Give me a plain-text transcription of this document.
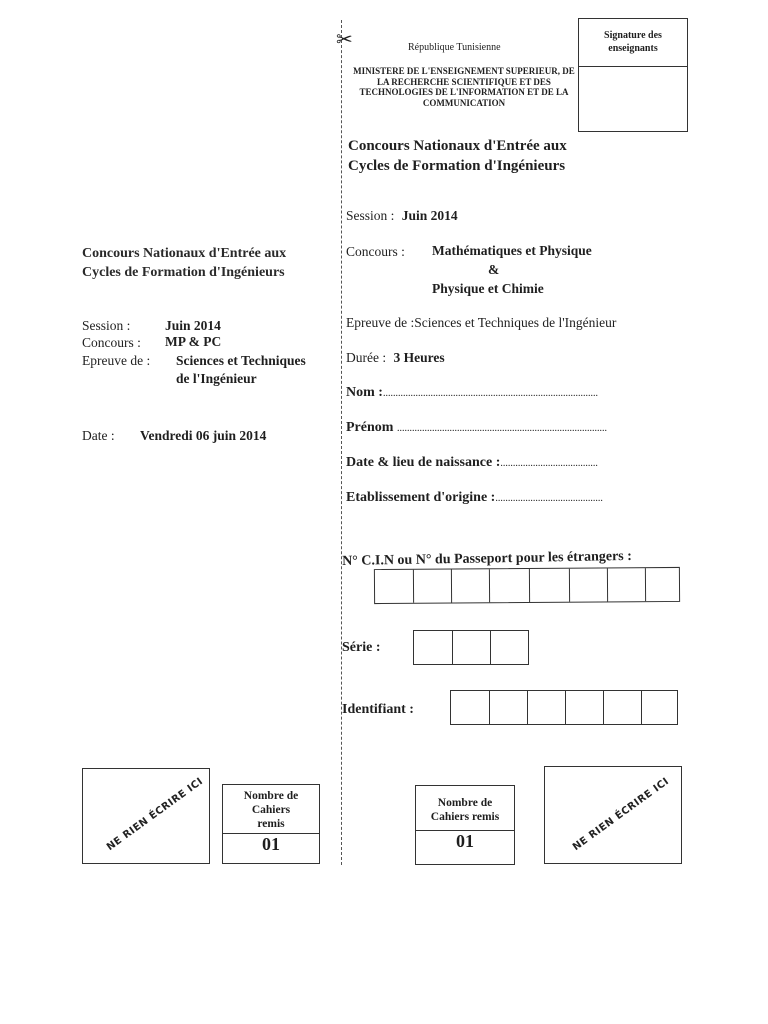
✂	République Tunisienne
MINISTERE DE L'ENSEIGNEMENT SUPERIEUR, DE LA RECHERCHE SCIENTIFIQUE ET DES TECHNOLOGIES DE L'INFORMATION ET DE LA COMMUNICATION
Signature des enseignants
Concours Nationaux d'Entrée aux
Cycles de Formation d'Ingénieurs
Session : Juin 2014
Concours : Mathématiques et Physique
&
Physique et Chimie
Epreuve de :Sciences et Techniques de l'Ingénieur
Durée : 3 Heures
Nom :......................................................................................
Prénom ....................................................................................
Date & lieu de naissance :.......................................
Etablissement d'origine :...........................................
N° C.I.N ou N° du Passeport pour les étrangers :
Série :
Identifiant :
Concours Nationaux d'Entrée aux
Cycles de Formation d'Ingénieurs
Session :	Juin 2014
Concours : MP & PC
Epreuve de : Sciences et Techniques
de l'Ingénieur
Date : Vendredi 06 juin 2014
NE RIEN ÉCRIRE ICI	Nombre de
Cahiers
remis
01
Nombre de
Cahiers remis
01	NE RIEN ÉCRIRE ICI
